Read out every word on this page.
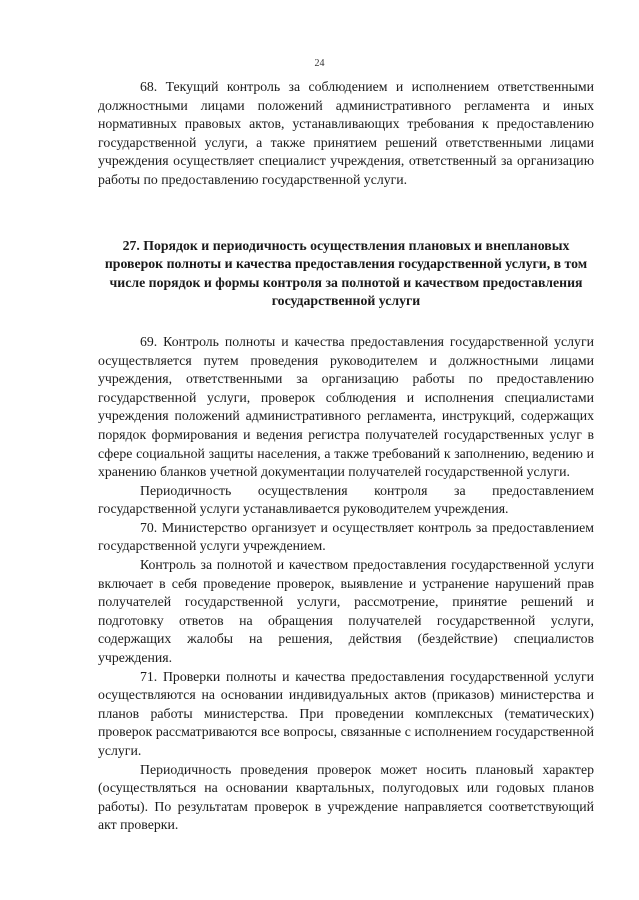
24

68. Текущий контроль за соблюдением и исполнением ответственными должностными лицами положений административного регламента и иных нормативных правовых актов, устанавливающих требования к предоставлению государственной услуги, а также принятием решений ответственными лицами учреждения осуществляет специалист учреждения, ответственный за организацию работы по предоставлению государственной услуги.

27. Порядок и периодичность осуществления плановых и внеплановых проверок полноты и качества предоставления государственной услуги, в том числе порядок и формы контроля за полнотой и качеством предоставления государственной услуги

69. Контроль полноты и качества предоставления государственной услуги осуществляется путем проведения руководителем и должностными лицами учреждения, ответственными за организацию работы по предоставлению государственной услуги, проверок соблюдения и исполнения специалистами учреждения положений административного регламента, инструкций, содержащих порядок формирования и ведения регистра получателей государственных услуг в сфере социальной защиты населения, а также требований к заполнению, ведению и хранению бланков учетной документации получателей государственной услуги.

Периодичность осуществления контроля за предоставлением государственной услуги устанавливается руководителем учреждения.

70. Министерство организует и осуществляет контроль за предоставлением государственной услуги учреждением.

Контроль за полнотой и качеством предоставления государственной услуги включает в себя проведение проверок, выявление и устранение нарушений прав получателей государственной услуги, рассмотрение, принятие решений и подготовку ответов на обращения получателей государственной услуги, содержащих жалобы на решения, действия (бездействие) специалистов учреждения.

71. Проверки полноты и качества предоставления государственной услуги осуществляются на основании индивидуальных актов (приказов) министерства и планов работы министерства. При проведении комплексных (тематических) проверок рассматриваются все вопросы, связанные с исполнением государственной услуги.

Периодичность проведения проверок может носить плановый характер (осуществляться на основании квартальных, полугодовых или годовых планов работы). По результатам проверок в учреждение направляется соответствующий акт проверки.
